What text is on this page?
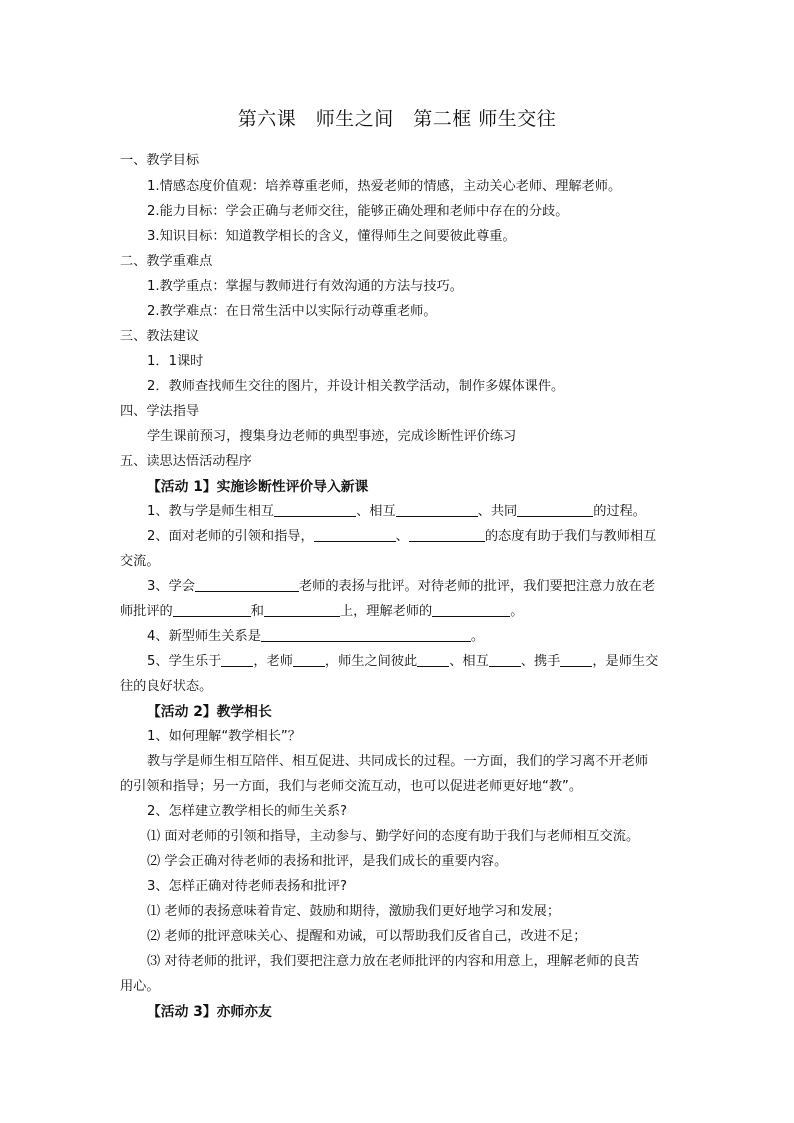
第六课　师生之间　第二框 师生交往
一、教学目标
1.情感态度价值观：培养尊重老师，热爱老师的情感，主动关心老师、理解老师。
2.能力目标：学会正确与老师交往，能够正确处理和老师中存在的分歧。
3.知识目标：知道教学相长的含义，懂得师生之间要彼此尊重。
二、教学重难点
1.教学重点：掌握与教师进行有效沟通的方法与技巧。
2.教学难点：在日常生活中以实际行动尊重老师。
三、教法建议
1．1课时
2．教师查找师生交往的图片，并设计相关教学活动，制作多媒体课件。
四、学法指导
学生课前预习，搜集身边老师的典型事迹，完成诊断性评价练习
五、读思达悟活动程序
【活动 1】实施诊断性评价导入新课
1、教与学是师生相互	、相互	、共同	的过程。
2、面对老师的引领和指导，	、	的态度有助于我们与教师相互
交流。
3、学会	老师的表扬与批评。对待老师的批评，我们要把注意力放在老
师批评的	和	上，理解老师的	。
4、新型师生关系是	。
5、学生乐于 ，老师 ，师生之间彼此 、相互 、携手 ，是师生交
往的良好状态。
【活动 2】教学相长
1、如何理解“教学相长”？
教与学是师生相互陪伴、相互促进、共同成长的过程。一方面，我们的学习离不开老师
的引领和指导；另一方面，我们与老师交流互动，也可以促进老师更好地“教”。
2、怎样建立教学相长的师生关系?
⑴ 面对老师的引领和指导，主动参与、勤学好问的态度有助于我们与老师相互交流。
⑵ 学会正确对待老师的表扬和批评，是我们成长的重要内容。
3、怎样正确对待老师表扬和批评?
⑴ 老师的表扬意味着肯定、鼓励和期待，激励我们更好地学习和发展；
⑵ 老师的批评意味关心、提醒和劝诫，可以帮助我们反省自己，改进不足；
⑶ 对待老师的批评，我们要把注意力放在老师批评的内容和用意上，理解老师的良苦
用心。
【活动 3】亦师亦友
